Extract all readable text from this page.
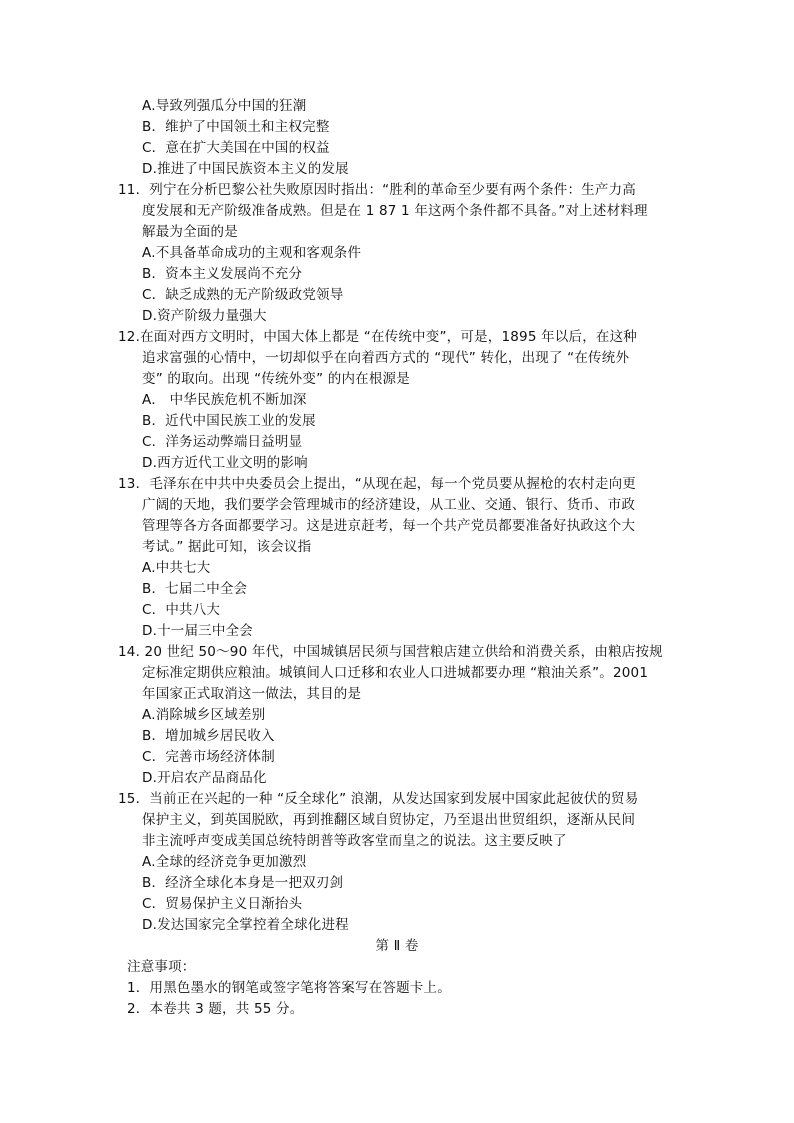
A.导致列强瓜分中国的狂潮
B．维护了中国领土和主权完整
C．意在扩大美国在中国的权益
D.推进了中国民族资本主义的发展
11．列宁在分析巴黎公社失败原因时指出：“胜利的革命至少要有两个条件：生产力高
度发展和无产阶级准备成熟。但是在 1 87 1 年这两个条件都不具备。”对上述材料理
解最为全面的是
A.不具备革命成功的主观和客观条件
B．资本主义发展尚不充分
C．缺乏成熟的无产阶级政党领导
D.资产阶级力量强大
12.在面对西方文明时，中国大体上都是 “在传统中变”，可是，1895 年以后，在这种
追求富强的心情中，一切却似乎在向着西方式的 “现代” 转化，出现了 “在传统外
变” 的取向。出现 “传统外变” 的内在根源是
A． 中华民族危机不断加深
B．近代中国民族工业的发展
C．洋务运动弊端日益明显
D.西方近代工业文明的影响
13．毛泽东在中共中央委员会上提出，“从现在起，每一个党员要从握枪的农村走向更
广阔的天地，我们要学会管理城市的经济建设，从工业、交通、银行、货币、市政
管理等各方各面都要学习。这是进京赶考，每一个共产党员都要准备好执政这个大
考试。” 据此可知，该会议指
A.中共七大
B．七届二中全会
C．中共八大
D.十一届三中全会
14. 20 世纪 50～90 年代，中国城镇居民须与国营粮店建立供给和消费关系，由粮店按规
定标准定期供应粮油。城镇间人口迁移和农业人口进城都要办理 “粮油关系”。2001
年国家正式取消这一做法，其目的是
A.消除城乡区域差别
B．增加城乡居民收入
C．完善市场经济体制
D.开启农产品商品化
15．当前正在兴起的一种 “反全球化” 浪潮，从发达国家到发展中国家此起彼伏的贸易
保护主义，到英国脱欧，再到推翻区域自贸协定，乃至退出世贸组织，逐渐从民间
非主流呼声变成美国总统特朗普等政客堂而皇之的说法。这主要反映了
A.全球的经济竞争更加激烈
B．经济全球化本身是一把双刃剑
C．贸易保护主义日渐抬头
D.发达国家完全掌控着全球化进程
第 Ⅱ 卷
注意事项：
1．用黑色墨水的钢笔或签字笔将答案写在答题卡上。
2．本卷共 3 题，共 55 分。
